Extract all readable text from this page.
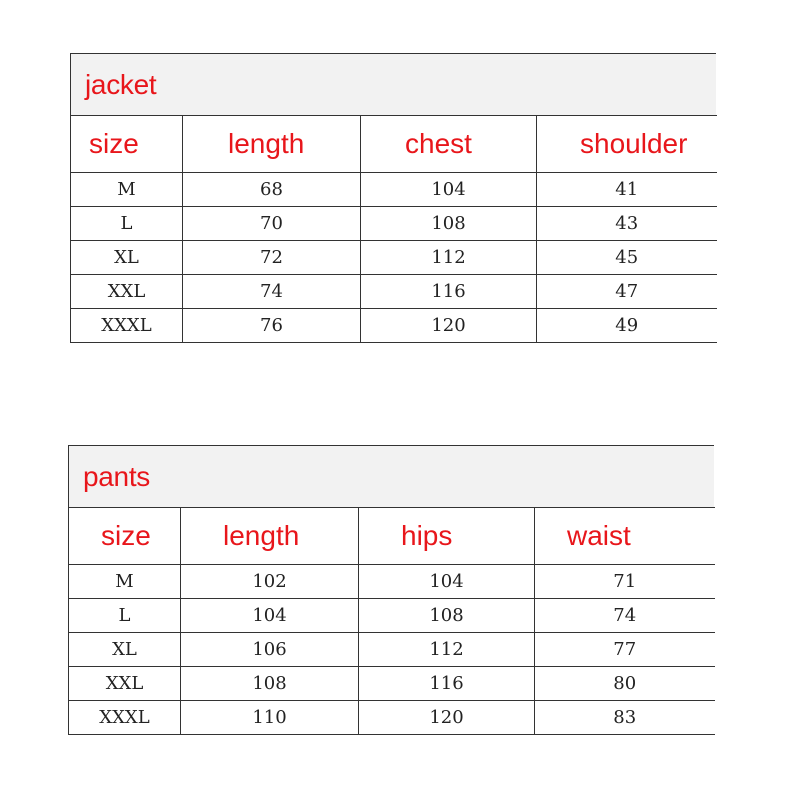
jacket
size	length	chest	shoulder
M	68	104	41
L	70	108	43
XL	72	112	45
XXL	74	116	47
XXXL	76	120	49
pants
size	length	hips	waist
M	102	104	71
L	104	108	74
XL	106	112	77
XXL	108	116	80
XXXL	110	120	83
